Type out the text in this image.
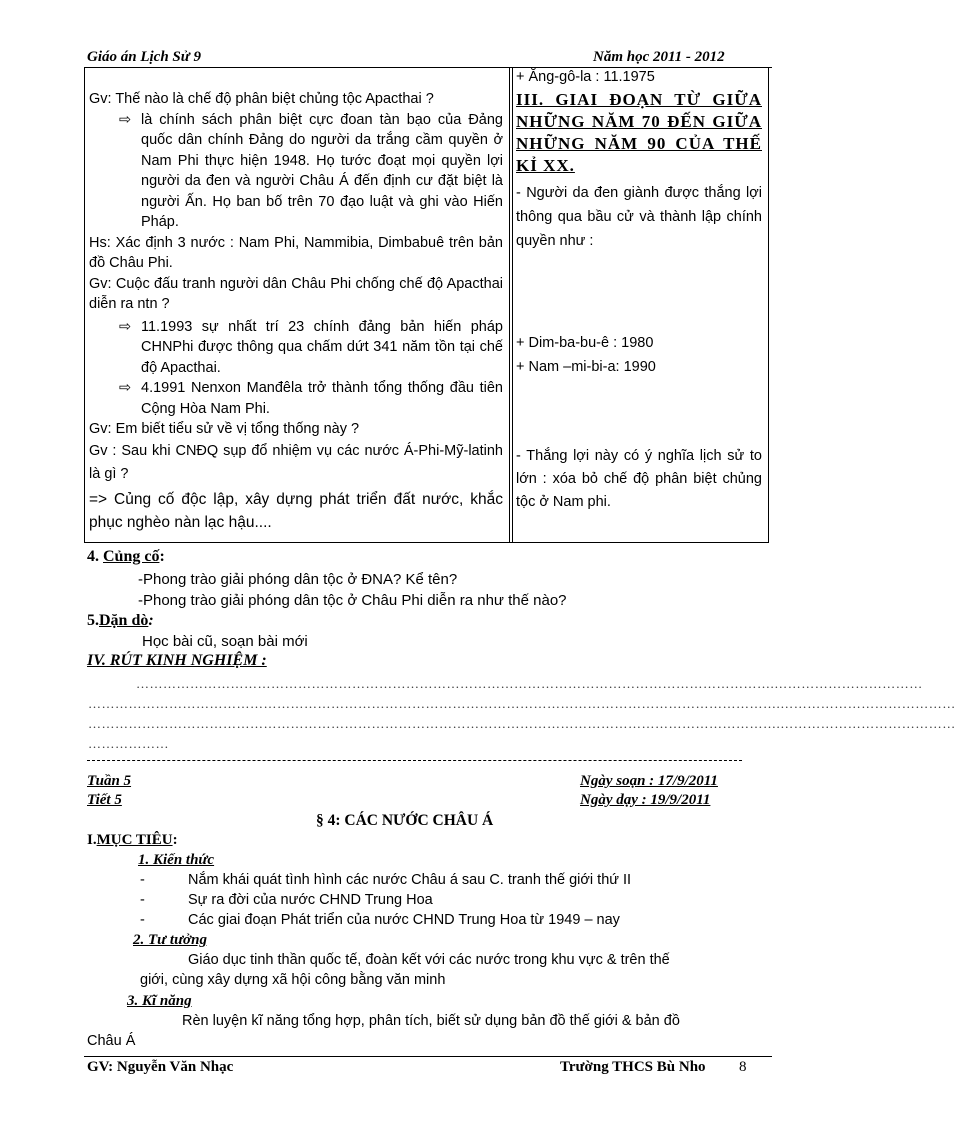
Giáo án Lịch Sử 9	Năm học 2011 - 2012
Gv: Thế nào là chế độ phân biệt chủng tộc Apacthai ?
⇨ là chính sách phân biệt cực đoan tàn bạo của Đảng quốc dân chính Đảng do người da trắng cầm quyền ở Nam Phi thực hiện 1948. Họ tước đoạt mọi quyền lợi người da đen và người Châu Á đến định cư đặt biệt là người Ấn. Họ ban bố trên 70 đạo luật và ghi vào Hiến Pháp.
Hs: Xác định 3 nước : Nam Phi, Nammibia, Dimbabuê trên bản đồ Châu Phi.
Gv: Cuộc đấu tranh người dân Châu Phi chống chế độ Apacthai diễn ra ntn ?
⇨ 11.1993 sự nhất trí 23 chính đảng bản hiến pháp CHNPhi được thông qua chấm dứt 341 năm tồn tại chế độ Apacthai.
⇨ 4.1991 Nenxon Manđêla trở thành tổng thống đầu tiên Cộng Hòa Nam Phi.
Gv: Em biết tiểu sử về vị tổng thống này ?
Gv : Sau khi CNĐQ sụp đổ nhiệm vụ các nước Á-Phi-Mỹ-latinh là gì ?
=> Củng cố độc lập, xây dựng phát triển đất nước, khắc phục nghèo nàn lạc hậu....
+ Ăng-gô-la : 11.1975
III. GIAI ĐOẠN TỪ GIỮA NHỮNG NĂM 70 ĐẾN GIỮA NHỮNG NĂM 90 CỦA THẾ KỈ XX.
- Người da đen giành được thắng lợi thông qua bầu cử và thành lập chính quyền như :
+ Dim-ba-bu-ê : 1980
+ Nam –mi-bi-a: 1990
- Thắng lợi này có ý nghĩa lịch sử to lớn : xóa bỏ chế độ phân biệt chủng tộc ở Nam phi.
4. Củng cố:
-Phong trào giải phóng dân tộc ở ĐNA? Kể tên?
-Phong trào giải phóng dân tộc ở Châu Phi diễn ra như thế nào?
5.Dặn dò:
Học bài cũ, soạn bài mới
IV. RÚT KINH NGHIỆM :
…………………………………………………………………………………………………………………………….……………………………
……………………………………………………………………………………………………………………………………….…………………………………
……………………………………………………………………………………………………………………………………….…………………………………
………………
Tuần 5
Tiết 5
Ngày soạn : 17/9/2011
Ngày dạy : 19/9/2011
§ 4: CÁC NƯỚC CHÂU Á
I.MỤC TIÊU:
1. Kiến thức
-	Nắm khái quát tình hình các nước Châu á sau C. tranh thế giới thứ II
-	Sự ra đời của nước CHND Trung Hoa
-	Các giai đoạn Phát triển của nước CHND Trung Hoa từ 1949 – nay
2. Tư tưởng
Giáo dục tinh thần quốc tế, đoàn kết với các nước trong khu vực & trên thế
giới, cùng xây dựng xã hội công bằng văn minh
3. Kĩ năng
Rèn luyện kĩ năng tổng hợp, phân tích, biết sử dụng bản đồ thế giới & bản đồ
Châu Á
GV: Nguyễn Văn Nhạc	Trường THCS Bù Nho 8
